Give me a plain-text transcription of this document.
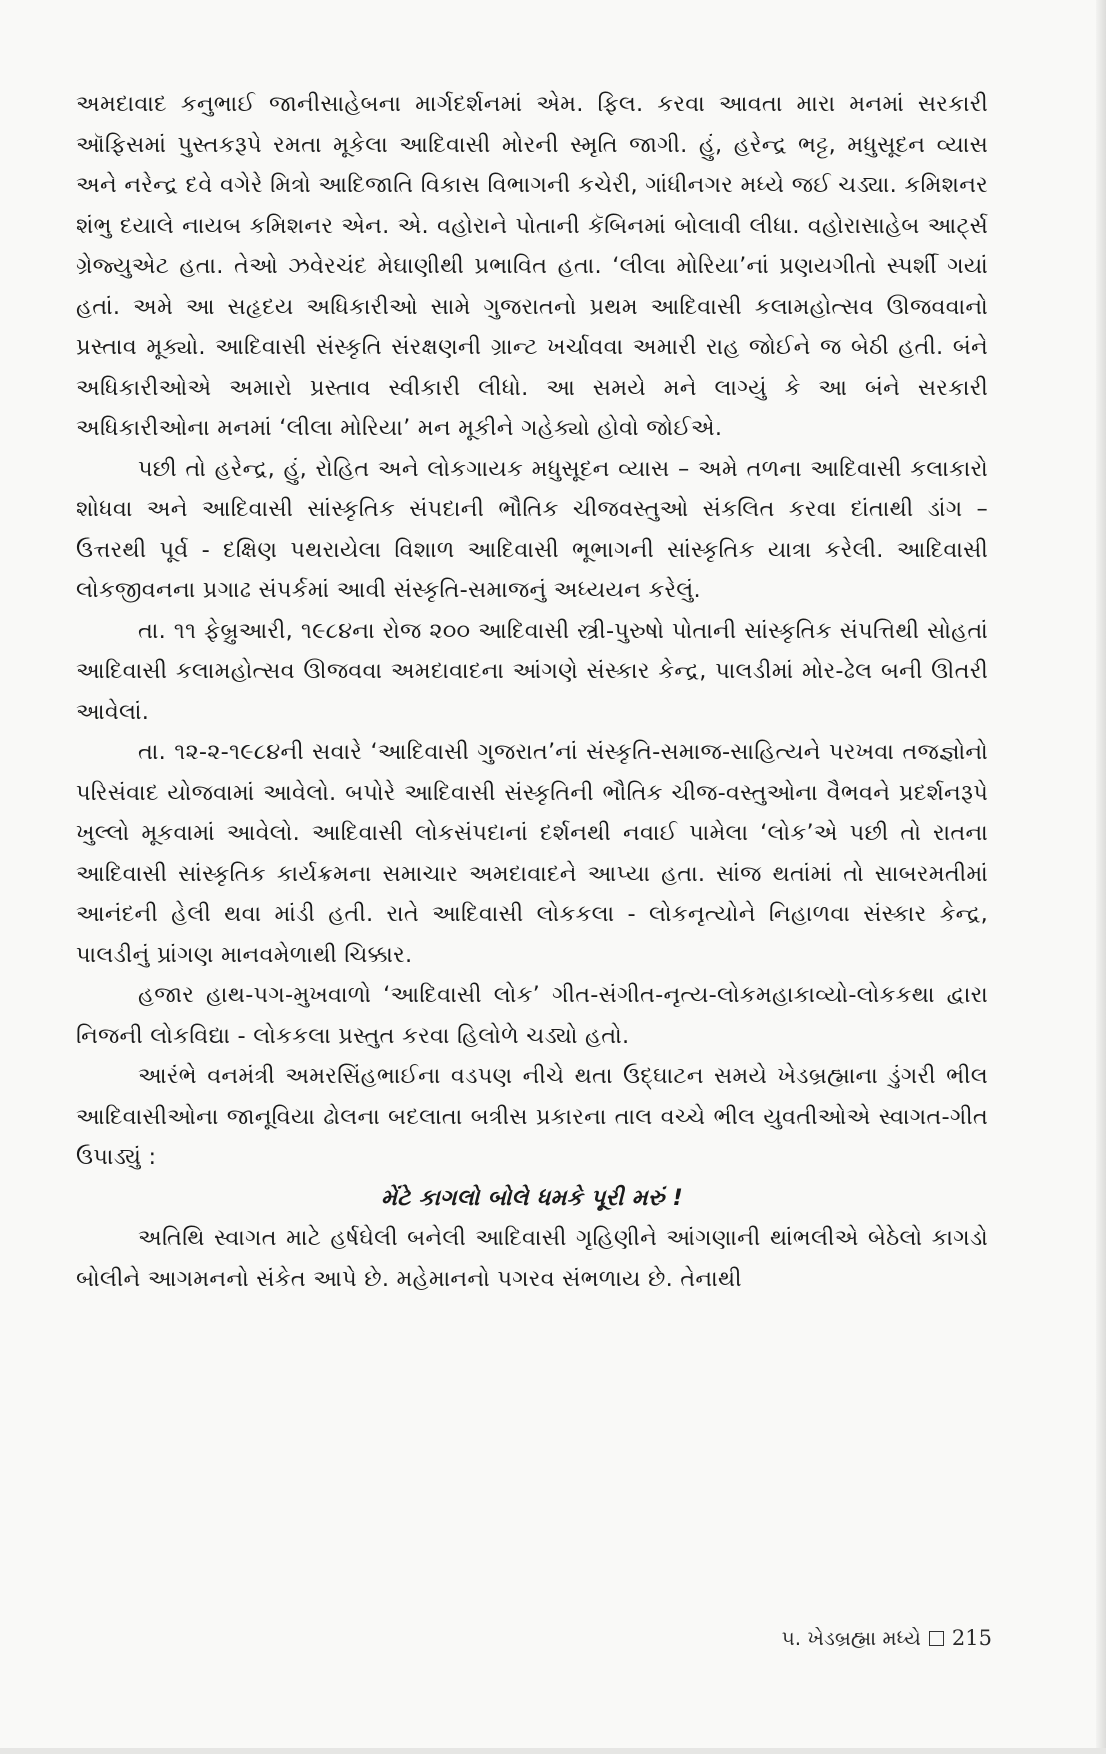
અમદાવાદ કનુભાઈ જાનીસાહેબના માર્ગદર્શનમાં એમ. ફિલ. કરવા આવતા મારા મનમાં સરકારી ઑફિસમાં પુસ્તકરૂપે રમતા મૂકેલા આદિવાસી મોરની સ્મૃતિ જાગી. હું, હરેન્દ્ર ભટ્ટ, મધુસૂદન વ્યાસ અને નરેન્દ્ર દવે વગેરે મિત્રો આદિજાતિ વિકાસ વિભાગની કચેરી, ગાંધીનગર મધ્યે જઈ ચડ્યા. કમિશનર શંભુ દયાલે નાયબ કમિશનર એન. એ. વહોરાને પોતાની કૅબિનમાં બોલાવી લીધા. વહોરાસાહેબ આર્ટ્સ ગ્રેજ્યુએટ હતા. તેઓ ઝવેરચંદ મેઘાણીથી પ્રભાવિત હતા. ‘લીલા મોરિયા’નાં પ્રણયગીતો સ્પર્શી ગયાં હતાં. અમે આ સહૃદય અધિકારીઓ સામે ગુજરાતનો પ્રથમ આદિવાસી કલામહોત્સવ ઊજવવાનો પ્રસ્તાવ મૂક્યો. આદિવાસી સંસ્કૃતિ સંરક્ષણની ગ્રાન્ટ ખર્ચાવવા અમારી રાહ જોઈને જ બેઠી હતી. બંને અધિકારીઓએ અમારો પ્રસ્તાવ સ્વીકારી લીધો. આ સમયે મને લાગ્યું કે આ બંને સરકારી અધિકારીઓના મનમાં ‘લીલા મોરિયા’ મન મૂકીને ગહેક્યો હોવો જોઈએ.

પછી તો હરેન્દ્ર, હું, રોહિત અને લોકગાયક મધુસૂદન વ્યાસ – અમે તળના આદિવાસી કલાકારો શોધવા અને આદિવાસી સાંસ્કૃતિક સંપદાની ભૌતિક ચીજવસ્તુઓ સંકલિત કરવા દાંતાથી ડાંગ – ઉત્તરથી પૂર્વ - દક્ષિણ પથરાયેલા વિશાળ આદિવાસી ભૂભાગની સાંસ્કૃતિક યાત્રા કરેલી. આદિવાસી લોકજીવનના પ્રગાઢ સંપર્કમાં આવી સંસ્કૃતિ-સમાજનું અધ્યયન કરેલું.

તા. ૧૧ ફેબ્રુઆરી, ૧૯૮૪ના રોજ ૨૦૦ આદિવાસી સ્ત્રી-પુરુષો પોતાની સાંસ્કૃતિક સંપત્તિથી સોહતાં આદિવાસી કલામહોત્સવ ઊજવવા અમદાવાદના આંગણે સંસ્કાર કેન્દ્ર, પાલડીમાં મોર-ઢેલ બની ઊતરી આવેલાં.

તા. ૧૨-૨-૧૯૮૪ની સવારે ‘આદિવાસી ગુજરાત’નાં સંસ્કૃતિ-સમાજ-સાહિત્યને પરખવા તજજ્ઞોનો પરિસંવાદ યોજવામાં આવેલો. બપોરે આદિવાસી સંસ્કૃતિની ભૌતિક ચીજ-વસ્તુઓના વૈભવને પ્રદર્શનરૂપે ખુલ્લો મૂકવામાં આવેલો. આદિવાસી લોકસંપદાનાં દર્શનથી નવાઈ પામેલા ‘લોક’એ પછી તો રાતના આદિવાસી સાંસ્કૃતિક કાર્યક્રમના સમાચાર અમદાવાદને આપ્યા હતા. સાંજ થતાંમાં તો સાબરમતીમાં આનંદની હેલી થવા માંડી હતી. રાતે આદિવાસી લોકકલા - લોકનૃત્યોને નિહાળવા સંસ્કાર કેન્દ્ર, પાલડીનું પ્રાંગણ માનવમેળાથી ચિક્કાર.

હજાર હાથ-પગ-મુખવાળો ‘આદિવાસી લોક’ ગીત-સંગીત-નૃત્ય-લોકમહાકાવ્યો-લોકકથા દ્વારા નિજની લોકવિદ્યા - લોકકલા પ્રસ્તુત કરવા હિલોળે ચડ્યો હતો.

આરંભે વનમંત્રી અમરસિંહભાઈના વડપણ નીચે થતા ઉદ્ઘાટન સમયે ખેડબ્રહ્માના ડુંગરી ભીલ આદિવાસીઓના જાનૂવિયા ઢોલના બદલાતા બત્રીસ પ્રકારના તાલ વચ્ચે ભીલ યુવતીઓએ સ્વાગત-ગીત ઉપાડ્યું :

મેંટે કાગલો બોલે ધમકે પૂરી મરું !

અતિથિ સ્વાગત માટે હર્ષઘેલી બનેલી આદિવાસી ગૃહિણીને આંગણાની થાંભલીએ બેઠેલો કાગડો બોલીને આગમનનો સંકેત આપે છે. મહેમાનનો પગરવ સંભળાય છે. તેનાથી

૫. ખેડબ્રહ્મા મધ્યે 215
